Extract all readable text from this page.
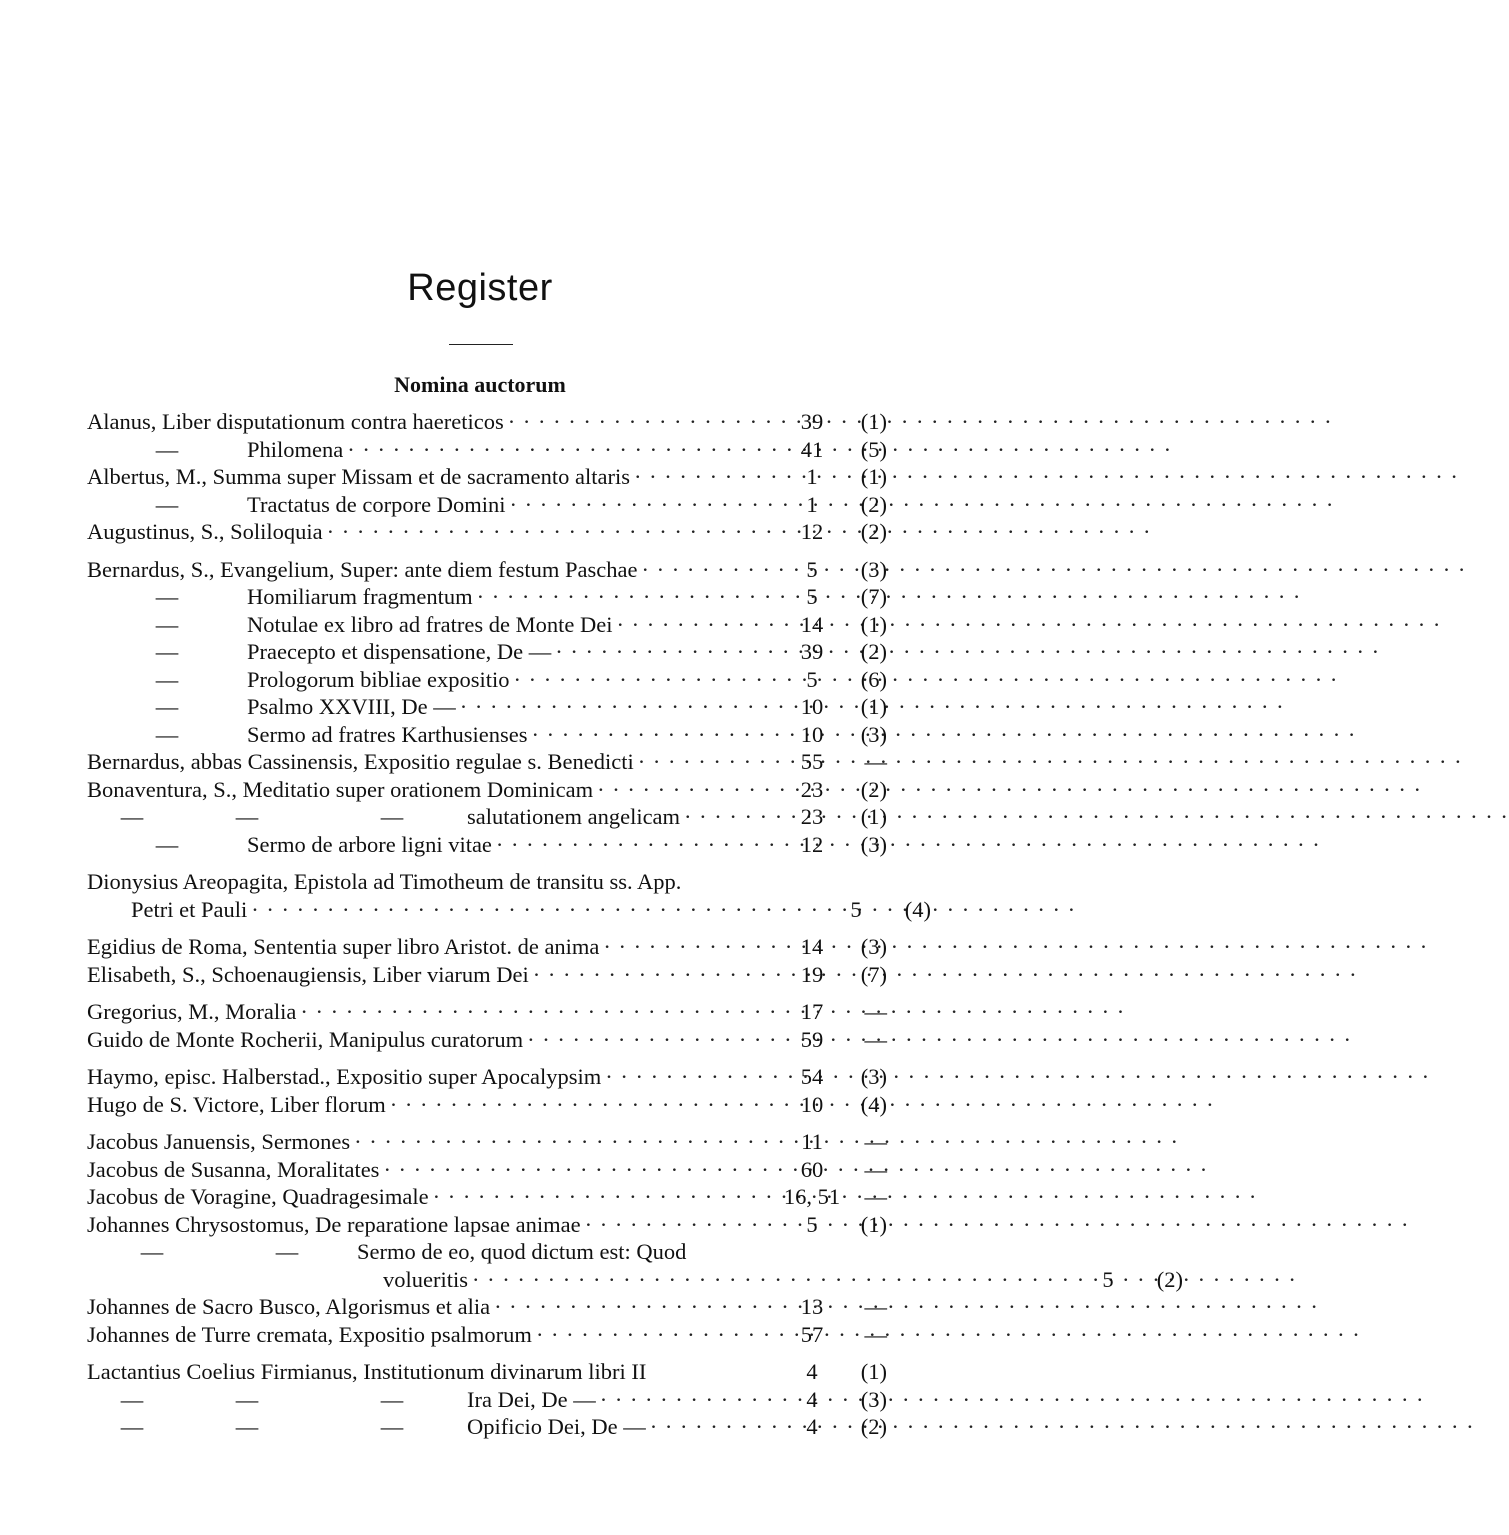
Register
Nomina auctorum
Alanus, Liber disputationum contra haereticos · · ·	39	(1)
—	Philomena · · ·	41	(5)
Albertus, M., Summa super Missam et de sacramento altaris · · ·	1	(1)
—	Tractatus de corpore Domini · · ·	1	(2)
Augustinus, S., Soliloquia · · ·	12	(2)
Bernardus, S., Evangelium, Super: ante diem festum Paschae · · ·	5	(3)
—	Homiliarum fragmentum · · ·	5	(7)
—	Notulae ex libro ad fratres de Monte Dei · · ·	14	(1)
—	Praecepto et dispensatione, De — · · ·	39	(2)
—	Prologorum bibliae expositio · · ·	5	(6)
—	Psalmo XXVIII, De — · · ·	10	(1)
—	Sermo ad fratres Karthusienses · · ·	10	(3)
Bernardus, abbas Cassinensis, Expositio regulae s. Benedicti · · ·	55	—
Bonaventura, S., Meditatio super orationem Dominicam · · ·	23	(2)
—	—	—	salutationem angelicam · · ·	23	(1)
—	Sermo de arbore ligni vitae · · ·	12	(3)
Dionysius Areopagita, Epistola ad Timotheum de transitu ss. App.
Petri et Pauli · · ·	5	(4)
Egidius de Roma, Sententia super libro Aristot. de anima · · ·	14	(3)
Elisabeth, S., Schoenaugiensis, Liber viarum Dei · · ·	19	(7)
Gregorius, M., Moralia · · ·	17	—
Guido de Monte Rocherii, Manipulus curatorum · · ·	59	—
Haymo, episc. Halberstad., Expositio super Apocalypsim · · ·	54	(3)
Hugo de S. Victore, Liber florum · · ·	10	(4)
Jacobus Januensis, Sermones · · ·	11	—
Jacobus de Susanna, Moralitates · · ·	60	—
Jacobus de Voragine, Quadragesimale · · ·	16, 51	—
Johannes Chrysostomus, De reparatione lapsae animae · · ·	5	(1)
—	—	Sermo de eo, quod dictum est: Quod
volueritis · · ·	5	(2)
Johannes de Sacro Busco, Algorismus et alia · · ·	13	—
Johannes de Turre cremata, Expositio psalmorum · · ·	57	—
Lactantius Coelius Firmianus, Institutionum divinarum libri II	4	(1)
—	—	—	Ira Dei, De — · · ·	4	(3)
—	—	—	Opificio Dei, De — · · ·	4	(2)
